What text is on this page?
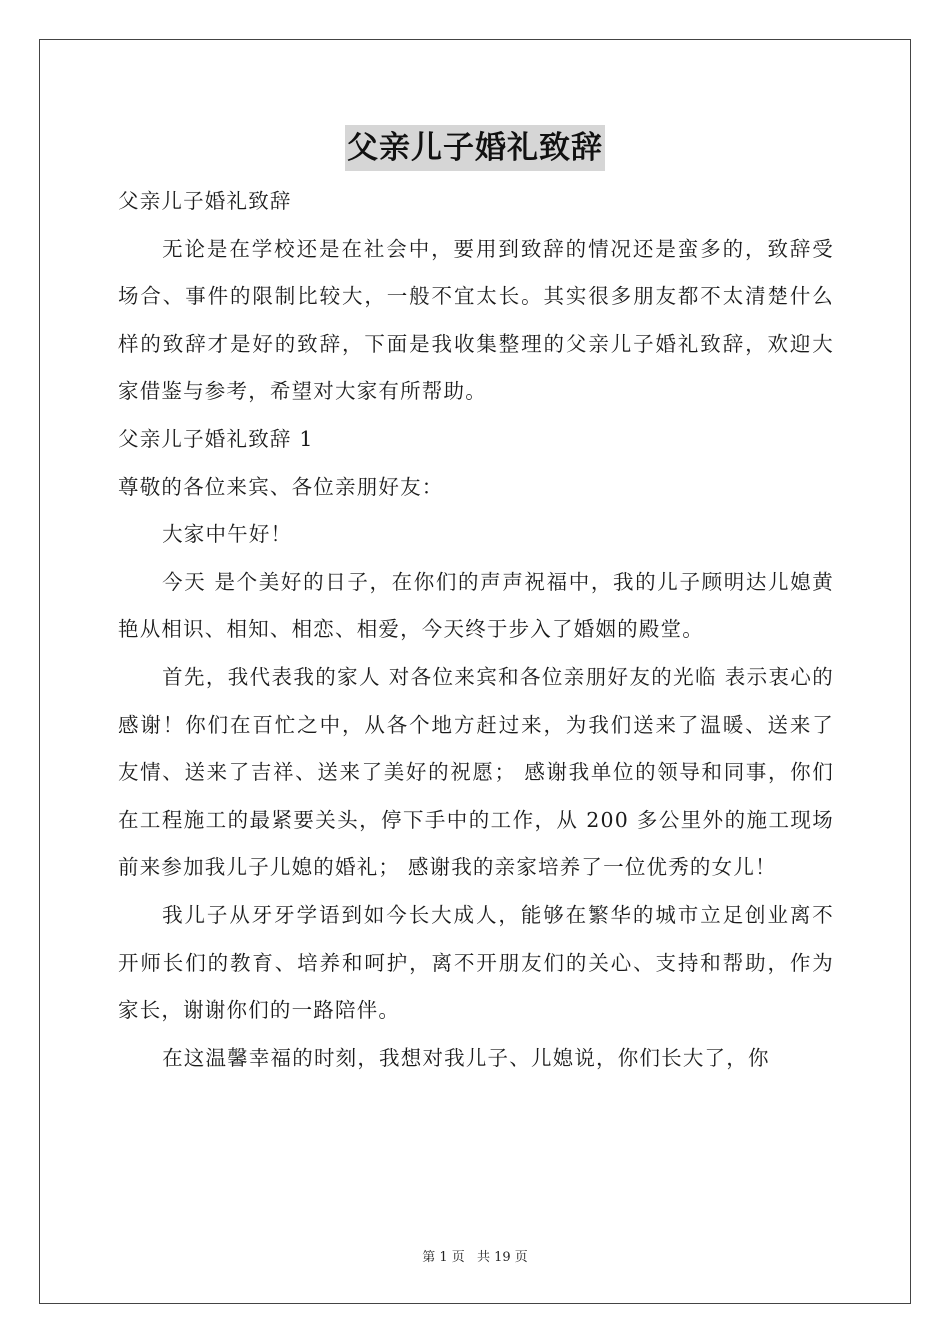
父亲儿子婚礼致辞

父亲儿子婚礼致辞

无论是在学校还是在社会中，要用到致辞的情况还是蛮多的，致辞受场合、事件的限制比较大，一般不宜太长。其实很多朋友都不太清楚什么样的致辞才是好的致辞，下面是我收集整理的父亲儿子婚礼致辞，欢迎大家借鉴与参考，希望对大家有所帮助。

父亲儿子婚礼致辞 1

尊敬的各位来宾、各位亲朋好友：

大家中午好！

今天 是个美好的日子，在你们的声声祝福中，我的儿子顾明达儿媳黄艳从相识、相知、相恋、相爱，今天终于步入了婚姻的殿堂。

首先，我代表我的家人 对各位来宾和各位亲朋好友的光临 表示衷心的感谢！你们在百忙之中，从各个地方赶过来，为我们送来了温暖、送来了友情、送来了吉祥、送来了美好的祝愿； 感谢我单位的领导和同事，你们在工程施工的最紧要关头，停下手中的工作，从 200 多公里外的施工现场前来参加我儿子儿媳的婚礼； 感谢我的亲家培养了一位优秀的女儿！

我儿子从牙牙学语到如今长大成人，能够在繁华的城市立足创业离不开师长们的教育、培养和呵护，离不开朋友们的关心、支持和帮助，作为家长，谢谢你们的一路陪伴。

在这温馨幸福的时刻，我想对我儿子、儿媳说，你们长大了，你

第 1 页 共 19 页
